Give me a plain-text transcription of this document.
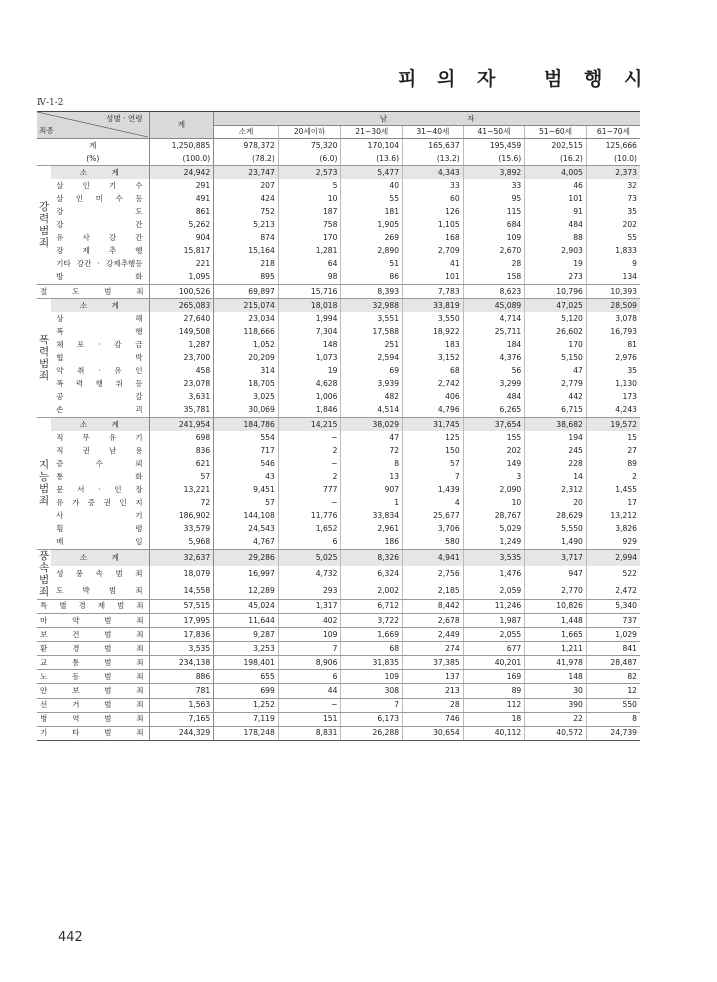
피 의 자	범 행 시
Ⅳ-1-2
성별 · 연령
죄종		계	남 자						
			소계	20세이하	21~30세	31~40세	41~50세	51~60세	61~70세
계		1,250,885	978,372	75,320	170,104	165,637	195,459	202,515	125,666
(%)		(100.0)	(78.2)	(6.0)	(13.6)	(13.2)	(15.6)	(16.2)	(10.0)
강력범죄	소 계	24,942	23,747	2,573	5,477	4,343	3,892	4,005	2,373
	살 인 기 수	291	207	5	40	33	33	46	32
	살 인 미 수 등	491	424	10	55	60	95	101	73
	강 도	861	752	187	181	126	115	91	35
	강 간	5,262	5,213	758	1,905	1,105	684	484	202
	유 사 강 간	904	874	170	269	168	109	88	55
	강 제 추 행	15,817	15,164	1,281	2,890	2,709	2,670	2,903	1,833
	기타 강간 · 강제추행등	221	218	64	51	41	28	19	9
	방 화	1,095	895	98	86	101	158	273	134
절 도 범 죄		100,526	69,897	15,716	8,393	7,783	8,623	10,796	10,393
폭력범죄	소 계	265,083	215,074	18,018	32,988	33,819	45,089	47,025	28,509
	상 해	27,640	23,034	1,994	3,551	3,550	4,714	5,120	3,078
	폭 행	149,508	118,666	7,304	17,588	18,922	25,711	26,602	16,793
	체 포 · 감 금	1,287	1,052	148	251	183	184	170	81
	협 박	23,700	20,209	1,073	2,594	3,152	4,376	5,150	2,976
	약 취 · 유 인	458	314	19	69	68	56	47	35
	폭 력 행 위 등	23,078	18,705	4,628	3,939	2,742	3,299	2,779	1,130
	공 갈	3,631	3,025	1,006	482	406	484	442	173
	손 괴	35,781	30,069	1,846	4,514	4,796	6,265	6,715	4,243
지능범죄	소 계	241,954	184,786	14,215	38,029	31,745	37,654	38,682	19,572
	직 무 유 기	698	554	−	47	125	155	194	15
	직 권 남 용	836	717	2	72	150	202	245	27
	증 수 뢰	621	546	−	8	57	149	228	89
	통 화	57	43	2	13	7	3	14	2
	문 서 · 인 장	13,221	9,451	777	907	1,439	2,090	2,312	1,455
	유 가 증 권 인 지	72	57	−	1	4	10	20	17
	사 기	186,902	144,108	11,776	33,834	25,677	28,767	28,629	13,212
	횡 령	33,579	24,543	1,652	2,961	3,706	5,029	5,550	3,826
	배 임	5,968	4,767	6	186	580	1,249	1,490	929
풍속범죄	소 계	32,637	29,286	5,025	8,326	4,941	3,535	3,717	2,994
	성 풍 속 범 죄	18,079	16,997	4,732	6,324	2,756	1,476	947	522
	도 박 범 죄	14,558	12,289	293	2,002	2,185	2,059	2,770	2,472
특 별 경 제 범 죄		57,515	45,024	1,317	6,712	8,442	11,246	10,826	5,340
마 약 범 죄		17,995	11,644	402	3,722	2,678	1,987	1,448	737
보 건 범 죄		17,836	9,287	109	1,669	2,449	2,055	1,665	1,029
환 경 범 죄		3,535	3,253	7	68	274	677	1,211	841
교 통 범 죄		234,138	198,401	8,906	31,835	37,385	40,201	41,978	28,487
노 동 범 죄		886	655	6	109	137	169	148	82
안 보 범 죄		781	699	44	308	213	89	30	12
선 거 범 죄		1,563	1,252	−	7	28	112	390	550
병 역 범 죄		7,165	7,119	151	6,173	746	18	22	8
기 타 범 죄		244,329	178,248	8,831	26,288	30,654	40,112	40,572	24,739
442
